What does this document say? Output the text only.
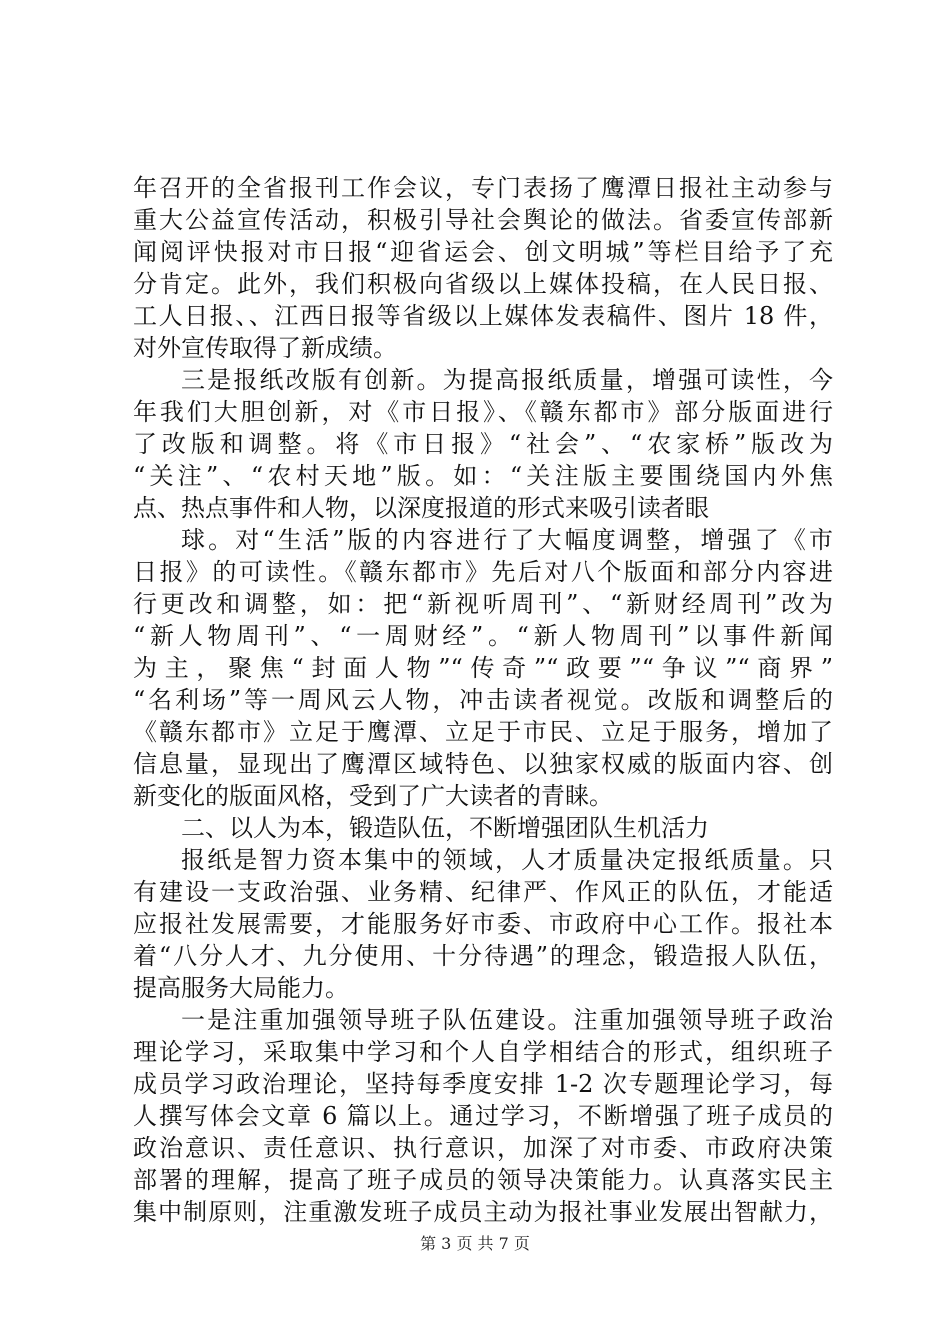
年召开的全省报刊工作会议，专门表扬了鹰潭日报社主动参与
重大公益宣传活动，积极引导社会舆论的做法。省委宣传部新
闻阅评快报对市日报“迎省运会、创文明城”等栏目给予了充
分肯定。此外，我们积极向省级以上媒体投稿，在人民日报、
工人日报、、江西日报等省级以上媒体发表稿件、图片 18 件，
对外宣传取得了新成绩。
三是报纸改版有创新。为提高报纸质量，增强可读性，今
年我们大胆创新，对《市日报》、《赣东都市》部分版面进行
了改版和调整。将《市日报》“社会”、“农家桥”版改为
“关注”、“农村天地”版。如：“关注版主要围绕国内外焦
点、热点事件和人物，以深度报道的形式来吸引读者眼
球。对“生活”版的内容进行了大幅度调整，增强了《市
日报》的可读性。《赣东都市》先后对八个版面和部分内容进
行更改和调整，如：把“新视听周刊”、“新财经周刊”改为
“新人物周刊”、“一周财经”。“新人物周刊”以事件新闻
为主，聚焦“封面人物”“传奇”“政要”“争议”“商界”
“名利场”等一周风云人物，冲击读者视觉。改版和调整后的
《赣东都市》立足于鹰潭、立足于市民、立足于服务，增加了
信息量，显现出了鹰潭区域特色、以独家权威的版面内容、创
新变化的版面风格，受到了广大读者的青睐。
二、以人为本，锻造队伍，不断增强团队生机活力
报纸是智力资本集中的领域，人才质量决定报纸质量。只
有建设一支政治强、业务精、纪律严、作风正的队伍，才能适
应报社发展需要，才能服务好市委、市政府中心工作。报社本
着“八分人才、九分使用、十分待遇”的理念，锻造报人队伍，
提高服务大局能力。
一是注重加强领导班子队伍建设。注重加强领导班子政治
理论学习，采取集中学习和个人自学相结合的形式，组织班子
成员学习政治理论，坚持每季度安排 1-2 次专题理论学习，每
人撰写体会文章 6 篇以上。通过学习，不断增强了班子成员的
政治意识、责任意识、执行意识，加深了对市委、市政府决策
部署的理解，提高了班子成员的领导决策能力。认真落实民主
集中制原则，注重激发班子成员主动为报社事业发展出智献力，
第 3 页 共 7 页
